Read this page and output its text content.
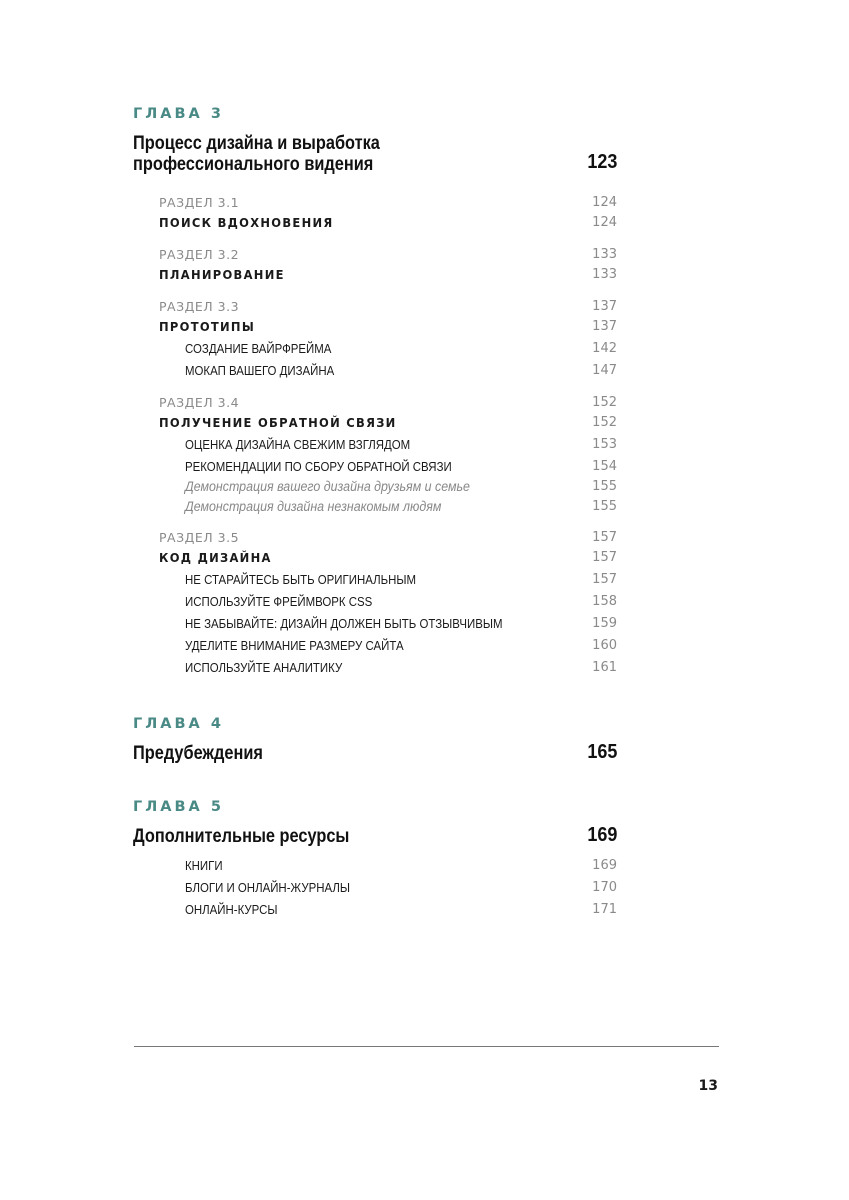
ГЛАВА 3
Процесс дизайна и выработка
профессионального видения	123
РАЗДЕЛ 3.1	124
ПОИСК ВДОХНОВЕНИЯ	124
РАЗДЕЛ 3.2	133
ПЛАНИРОВАНИЕ	133
РАЗДЕЛ 3.3	137
ПРОТОТИПЫ	137
СОЗДАНИЕ ВАЙРФРЕЙМА	142
МОКАП ВАШЕГО ДИЗАЙНА	147
РАЗДЕЛ 3.4	152
ПОЛУЧЕНИЕ ОБРАТНОЙ СВЯЗИ	152
ОЦЕНКА ДИЗАЙНА СВЕЖИМ ВЗГЛЯДОМ	153
РЕКОМЕНДАЦИИ ПО СБОРУ ОБРАТНОЙ СВЯЗИ	154
Демонстрация вашего дизайна друзьям и семье	155
Демонстрация дизайна незнакомым людям	155
РАЗДЕЛ 3.5	157
КОД ДИЗАЙНА	157
НЕ СТАРАЙТЕСЬ БЫТЬ ОРИГИНАЛЬНЫМ	157
ИСПОЛЬЗУЙТЕ ФРЕЙМВОРК CSS	158
НЕ ЗАБЫВАЙТЕ: ДИЗАЙН ДОЛЖЕН БЫТЬ ОТЗЫВЧИВЫМ	159
УДЕЛИТЕ ВНИМАНИЕ РАЗМЕРУ САЙТА	160
ИСПОЛЬЗУЙТЕ АНАЛИТИКУ	161
ГЛАВА 4
Предубеждения	165
ГЛАВА 5
Дополнительные ресурсы	169
КНИГИ	169
БЛОГИ И ОНЛАЙН-ЖУРНАЛЫ	170
ОНЛАЙН-КУРСЫ	171
13
